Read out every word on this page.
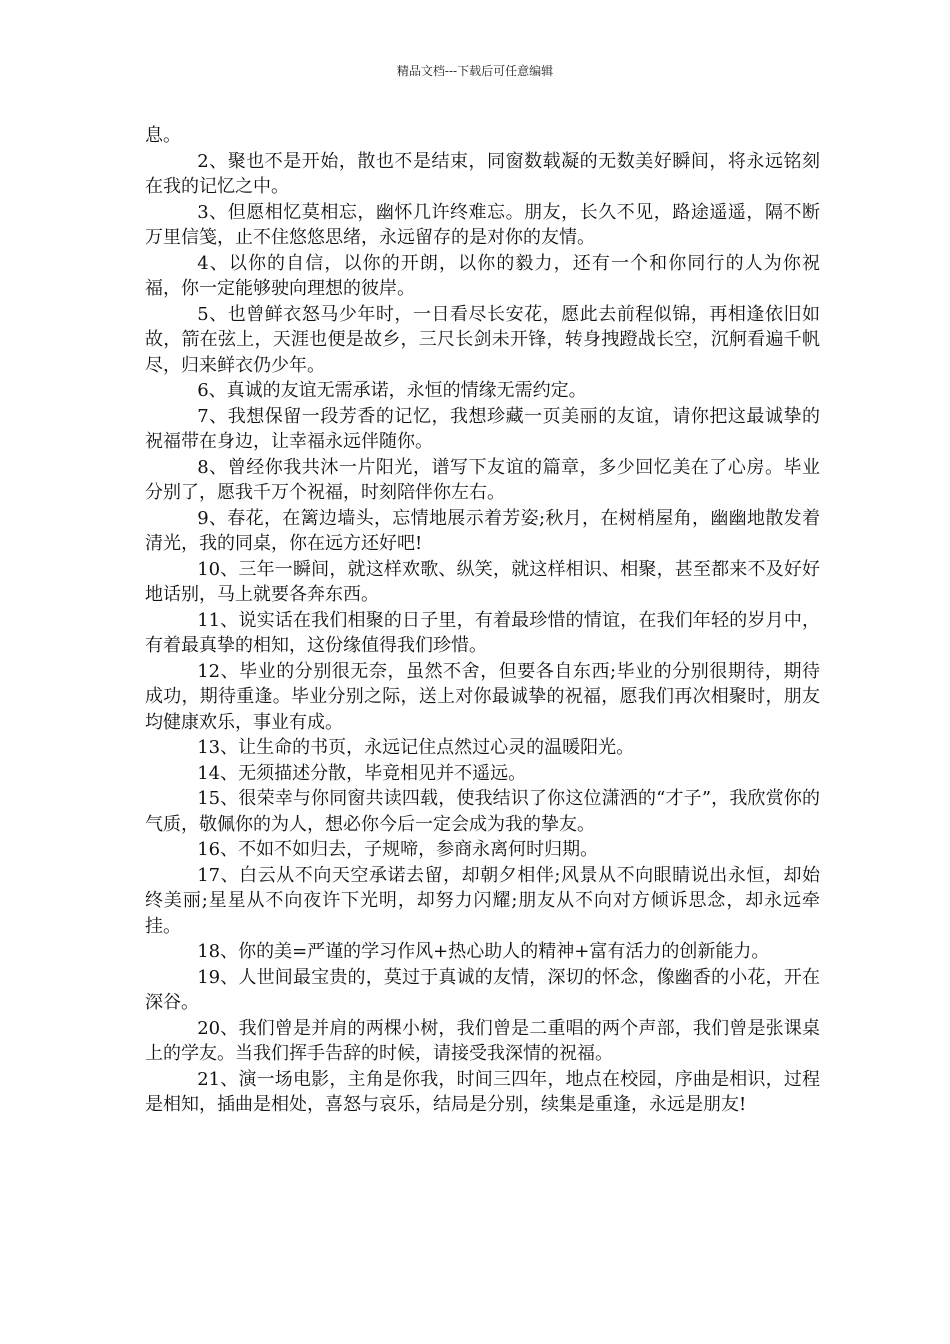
精品文档---下载后可任意编辑

息。

2、聚也不是开始，散也不是结束，同窗数载凝的无数美好瞬间，将永远铭刻在我的记忆之中。

3、但愿相忆莫相忘，幽怀几许终难忘。朋友，长久不见，路途遥遥，隔不断万里信笺，止不住悠悠思绪，永远留存的是对你的友情。

4、以你的自信，以你的开朗，以你的毅力，还有一个和你同行的人为你祝福，你一定能够驶向理想的彼岸。

5、也曾鲜衣怒马少年时，一日看尽长安花，愿此去前程似锦，再相逢依旧如故，箭在弦上，天涯也便是故乡，三尺长剑未开锋，转身拽蹬战长空，沉舸看遍千帆尽，归来鲜衣仍少年。

6、真诚的友谊无需承诺，永恒的情缘无需约定。

7、我想保留一段芳香的记忆，我想珍藏一页美丽的友谊，请你把这最诚挚的祝福带在身边，让幸福永远伴随你。

8、曾经你我共沐一片阳光，谱写下友谊的篇章，多少回忆美在了心房。毕业分别了，愿我千万个祝福，时刻陪伴你左右。

9、春花，在篱边墙头，忘情地展示着芳姿;秋月，在树梢屋角，幽幽地散发着清光，我的同桌，你在远方还好吧!

10、三年一瞬间，就这样欢歌、纵笑，就这样相识、相聚，甚至都来不及好好地话别，马上就要各奔东西。

11、说实话在我们相聚的日子里，有着最珍惜的情谊，在我们年轻的岁月中，有着最真挚的相知，这份缘值得我们珍惜。

12、毕业的分别很无奈，虽然不舍，但要各自东西;毕业的分别很期待，期待成功，期待重逢。毕业分别之际，送上对你最诚挚的祝福，愿我们再次相聚时，朋友均健康欢乐，事业有成。

13、让生命的书页，永远记住点然过心灵的温暖阳光。

14、无须描述分散，毕竟相见并不遥远。

15、很荣幸与你同窗共读四载，使我结识了你这位潇洒的“才子”，我欣赏你的气质，敬佩你的为人，想必你今后一定会成为我的挚友。

16、不如不如归去，子规啼，参商永离何时归期。

17、白云从不向天空承诺去留，却朝夕相伴;风景从不向眼睛说出永恒，却始终美丽;星星从不向夜许下光明，却努力闪耀;朋友从不向对方倾诉思念，却永远牵挂。

18、你的美=严谨的学习作风+热心助人的精神+富有活力的创新能力。

19、人世间最宝贵的，莫过于真诚的友情，深切的怀念，像幽香的小花，开在深谷。

20、我们曾是并肩的两棵小树，我们曾是二重唱的两个声部，我们曾是张课桌上的学友。当我们挥手告辞的时候，请接受我深情的祝福。

21、演一场电影，主角是你我，时间三四年，地点在校园，序曲是相识，过程是相知，插曲是相处，喜怒与哀乐，结局是分别，续集是重逢，永远是朋友!
